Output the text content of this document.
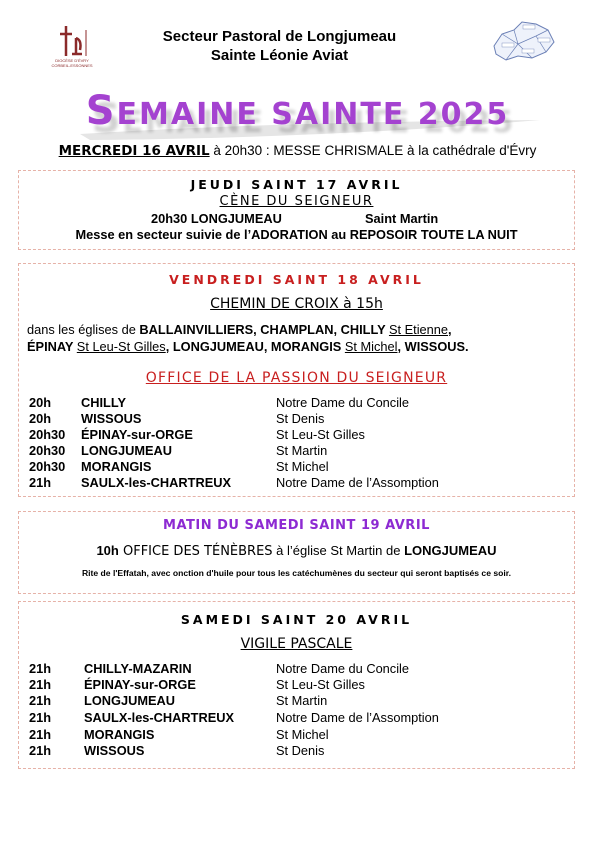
DIOCÈSE D'ÉVRY CORBEIL-ESSONNES
Secteur Pastoral de Longjumeau
Sainte Léonie Aviat
SEMAINE SAINTE 2025
MERCREDI 16 AVRIL à 20h30 : MESSE CHRISMALE à la cathédrale d'Évry
JEUDI SAINT 17 AVRIL
CÈNE DU SEIGNEUR
20h30 LONGJUMEAU	Saint Martin
Messe en secteur suivie de l’ADORATION au REPOSOIR TOUTE LA NUIT
VENDREDI SAINT 18 AVRIL
CHEMIN DE CROIX à 15h
dans les églises de BALLAINVILLIERS, CHAMPLAN, CHILLY St Etienne,
ÉPINAY St Leu-St Gilles, LONGJUMEAU, MORANGIS St Michel, WISSOUS.
OFFICE DE LA PASSION DU SEIGNEUR
20h CHILLY	Notre Dame du Concile
20h WISSOUS	St Denis
20h30 ÉPINAY-sur-ORGE	St Leu-St Gilles
20h30 LONGJUMEAU	St Martin
20h30 MORANGIS	St Michel
21h SAULX-les-CHARTREUX	Notre Dame de l’Assomption
MATIN DU SAMEDI SAINT 19 AVRIL
10h OFFICE DES TÉNÈBRES à l’église St Martin de LONGJUMEAU
Rite de l'Effatah, avec onction d'huile pour tous les catéchumènes du secteur qui seront baptisés ce soir.
SAMEDI SAINT 20 AVRIL
VIGILE PASCALE
21h	CHILLY-MAZARIN	Notre Dame du Concile
21h	ÉPINAY-sur-ORGE	St Leu-St Gilles
21h	LONGJUMEAU	St Martin
21h	SAULX-les-CHARTREUX	Notre Dame de l’Assomption
21h	MORANGIS	St Michel
21h	WISSOUS	St Denis
